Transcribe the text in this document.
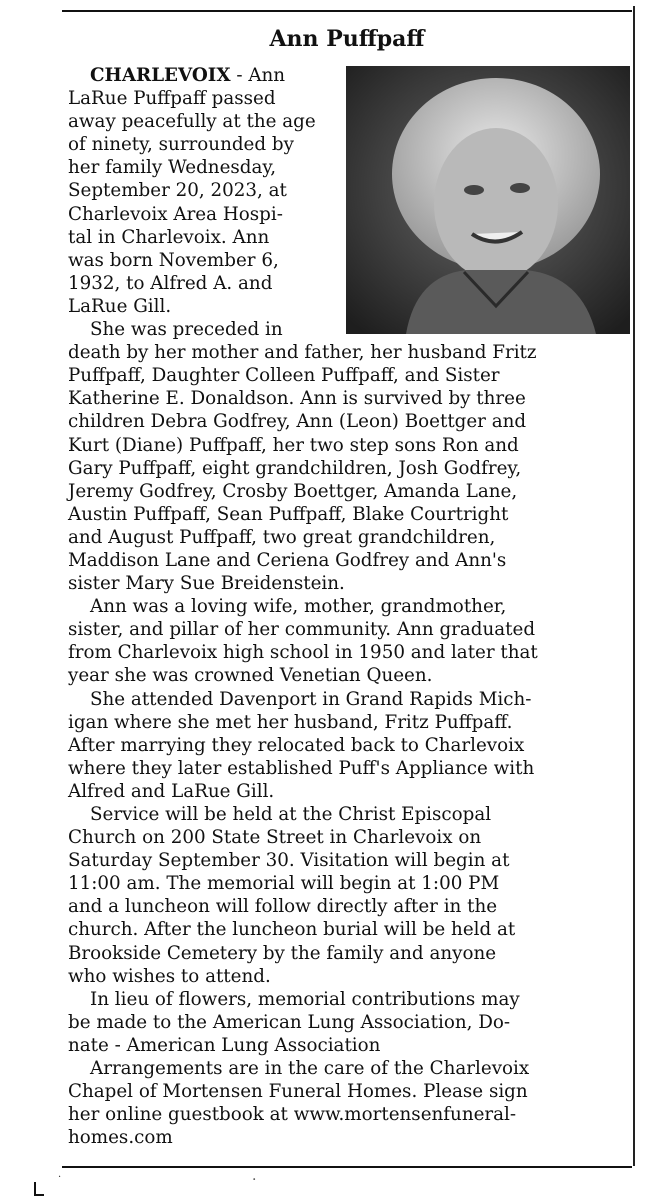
Ann Puffpaff
CHARLEVOIX - Ann
LaRue Puffpaff passed
away peacefully at the age
of ninety, surrounded by
her family Wednesday,
September 20, 2023, at
Charlevoix Area Hospi-
tal in Charlevoix. Ann
was born November 6,
1932, to Alfred A. and
LaRue Gill.
She was preceded in
death by her mother and father, her husband Fritz
Puffpaff, Daughter Colleen Puffpaff, and Sister
Katherine E. Donaldson. Ann is survived by three
children Debra Godfrey, Ann (Leon) Boettger and
Kurt (Diane) Puffpaff, her two step sons Ron and
Gary Puffpaff, eight grandchildren, Josh Godfrey,
Jeremy Godfrey, Crosby Boettger, Amanda Lane,
Austin Puffpaff, Sean Puffpaff, Blake Courtright
and August Puffpaff, two great grandchildren,
Maddison Lane and Ceriena Godfrey and Ann's
sister Mary Sue Breidenstein.
Ann was a loving wife, mother, grandmother,
sister, and pillar of her community. Ann graduated
from Charlevoix high school in 1950 and later that
year she was crowned Venetian Queen.
She attended Davenport in Grand Rapids Mich-
igan where she met her husband, Fritz Puffpaff.
After marrying they relocated back to Charlevoix
where they later established Puff's Appliance with
Alfred and LaRue Gill.
Service will be held at the Christ Episcopal
Church on 200 State Street in Charlevoix on
Saturday September 30. Visitation will begin at
11:00 am. The memorial will begin at 1:00 PM
and a luncheon will follow directly after in the
church. After the luncheon burial will be held at
Brookside Cemetery by the family and anyone
who wishes to attend.
In lieu of flowers, memorial contributions may
be made to the American Lung Association, Do-
nate - American Lung Association
Arrangements are in the care of the Charlevoix
Chapel of Mortensen Funeral Homes. Please sign
her online guestbook at www.mortensenfuneral-
homes.com
·	·
